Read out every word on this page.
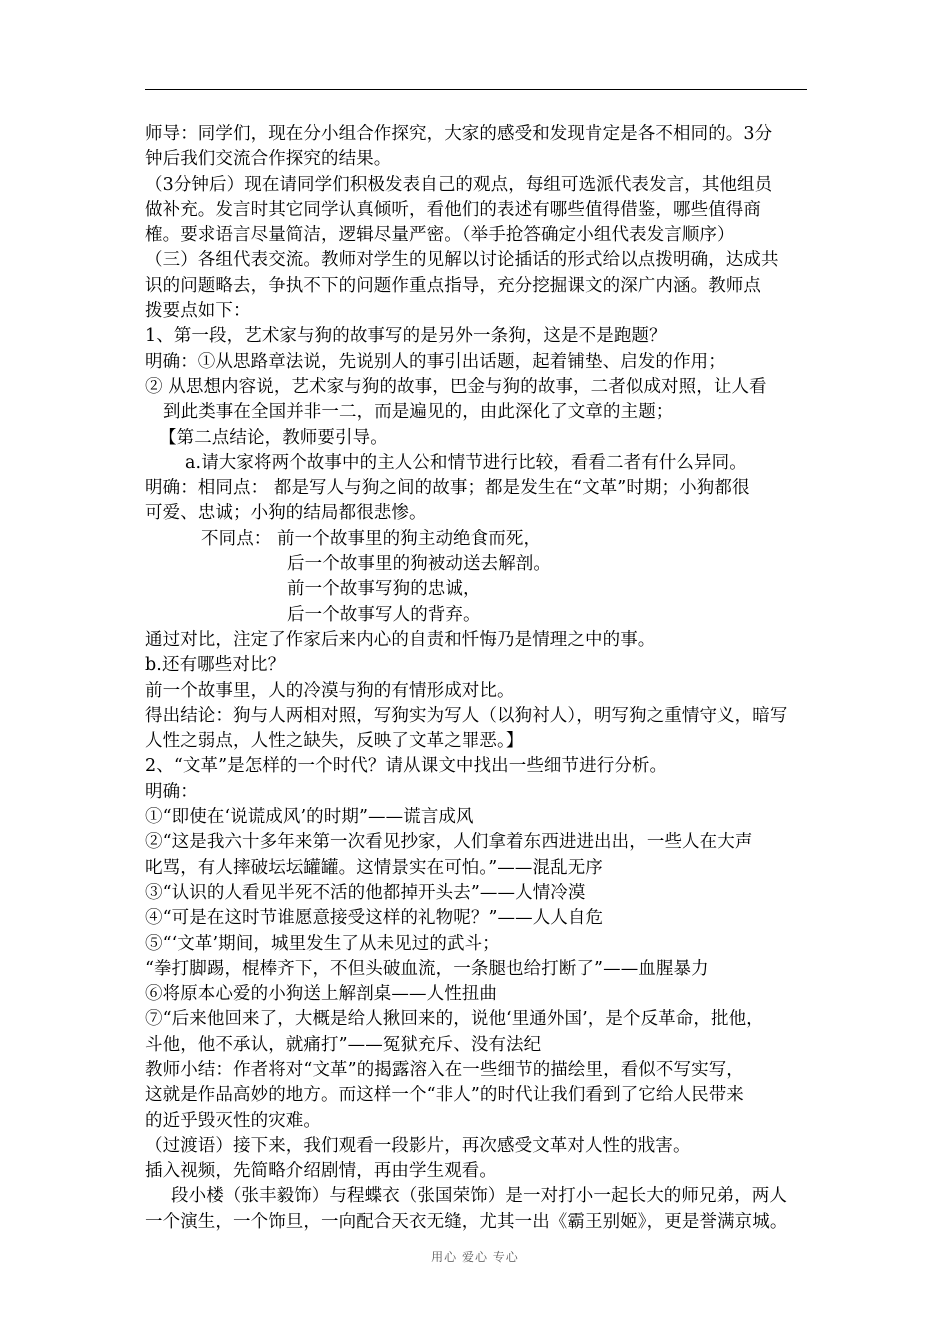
师导：同学们，现在分小组合作探究，大家的感受和发现肯定是各不相同的。3分
钟后我们交流合作探究的结果。
（3分钟后）现在请同学们积极发表自己的观点，每组可选派代表发言，其他组员
做补充。发言时其它同学认真倾听，看他们的表述有哪些值得借鉴，哪些值得商
榷。要求语言尽量简洁，逻辑尽量严密。（举手抢答确定小组代表发言顺序）
（三）各组代表交流。教师对学生的见解以讨论插话的形式给以点拨明确，达成共
识的问题略去，争执不下的问题作重点指导，充分挖掘课文的深广内涵。教师点
拨要点如下：
1、第一段，艺术家与狗的故事写的是另外一条狗，这是不是跑题？
明确：①从思路章法说，先说别人的事引出话题，起着铺垫、启发的作用；
② 从思想内容说，艺术家与狗的故事，巴金与狗的故事，二者似成对照，让人看
到此类事在全国并非一二，而是遍见的，由此深化了文章的主题；
【第二点结论，教师要引导。
a.请大家将两个故事中的主人公和情节进行比较，看看二者有什么异同。
明确：相同点： 都是写人与狗之间的故事；都是发生在“文革”时期；小狗都很
可爱、忠诚；小狗的结局都很悲惨。
不同点： 前一个故事里的狗主动绝食而死，
后一个故事里的狗被动送去解剖。
前一个故事写狗的忠诚，
后一个故事写人的背弃。
通过对比，注定了作家后来内心的自责和忏悔乃是情理之中的事。
b.还有哪些对比？
前一个故事里，人的冷漠与狗的有情形成对比。
得出结论：狗与人两相对照，写狗实为写人（以狗衬人），明写狗之重情守义，暗写
人性之弱点，人性之缺失，反映了文革之罪恶。】
2、“文革”是怎样的一个时代？请从课文中找出一些细节进行分析。
明确：
①“即使在‘说谎成风’的时期”——谎言成风
②“这是我六十多年来第一次看见抄家，人们拿着东西进进出出，一些人在大声
叱骂，有人摔破坛坛罐罐。这情景实在可怕。”——混乱无序
③“认识的人看见半死不活的他都掉开头去”——人情冷漠
④“可是在这时节谁愿意接受这样的礼物呢？”——人人自危
⑤“‘文革’期间，城里发生了从未见过的武斗；
“拳打脚踢，棍棒齐下，不但头破血流，一条腿也给打断了”——血腥暴力
⑥将原本心爱的小狗送上解剖桌——人性扭曲
⑦“后来他回来了，大概是给人揪回来的，说他‘里通外国’，是个反革命，批他，
斗他，他不承认，就痛打”——冤狱充斥、没有法纪
教师小结：作者将对“文革”的揭露溶入在一些细节的描绘里，看似不写实写，
这就是作品高妙的地方。而这样一个“非人”的时代让我们看到了它给人民带来
的近乎毁灭性的灾难。
（过渡语）接下来，我们观看一段影片，再次感受文革对人性的戕害。
插入视频，先简略介绍剧情，再由学生观看。
段小楼（张丰毅饰）与程蝶衣（张国荣饰）是一对打小一起长大的师兄弟，两人
一个演生，一个饰旦，一向配合天衣无缝，尤其一出《霸王别姬》，更是誉满京城。
用心 爱心 专心
